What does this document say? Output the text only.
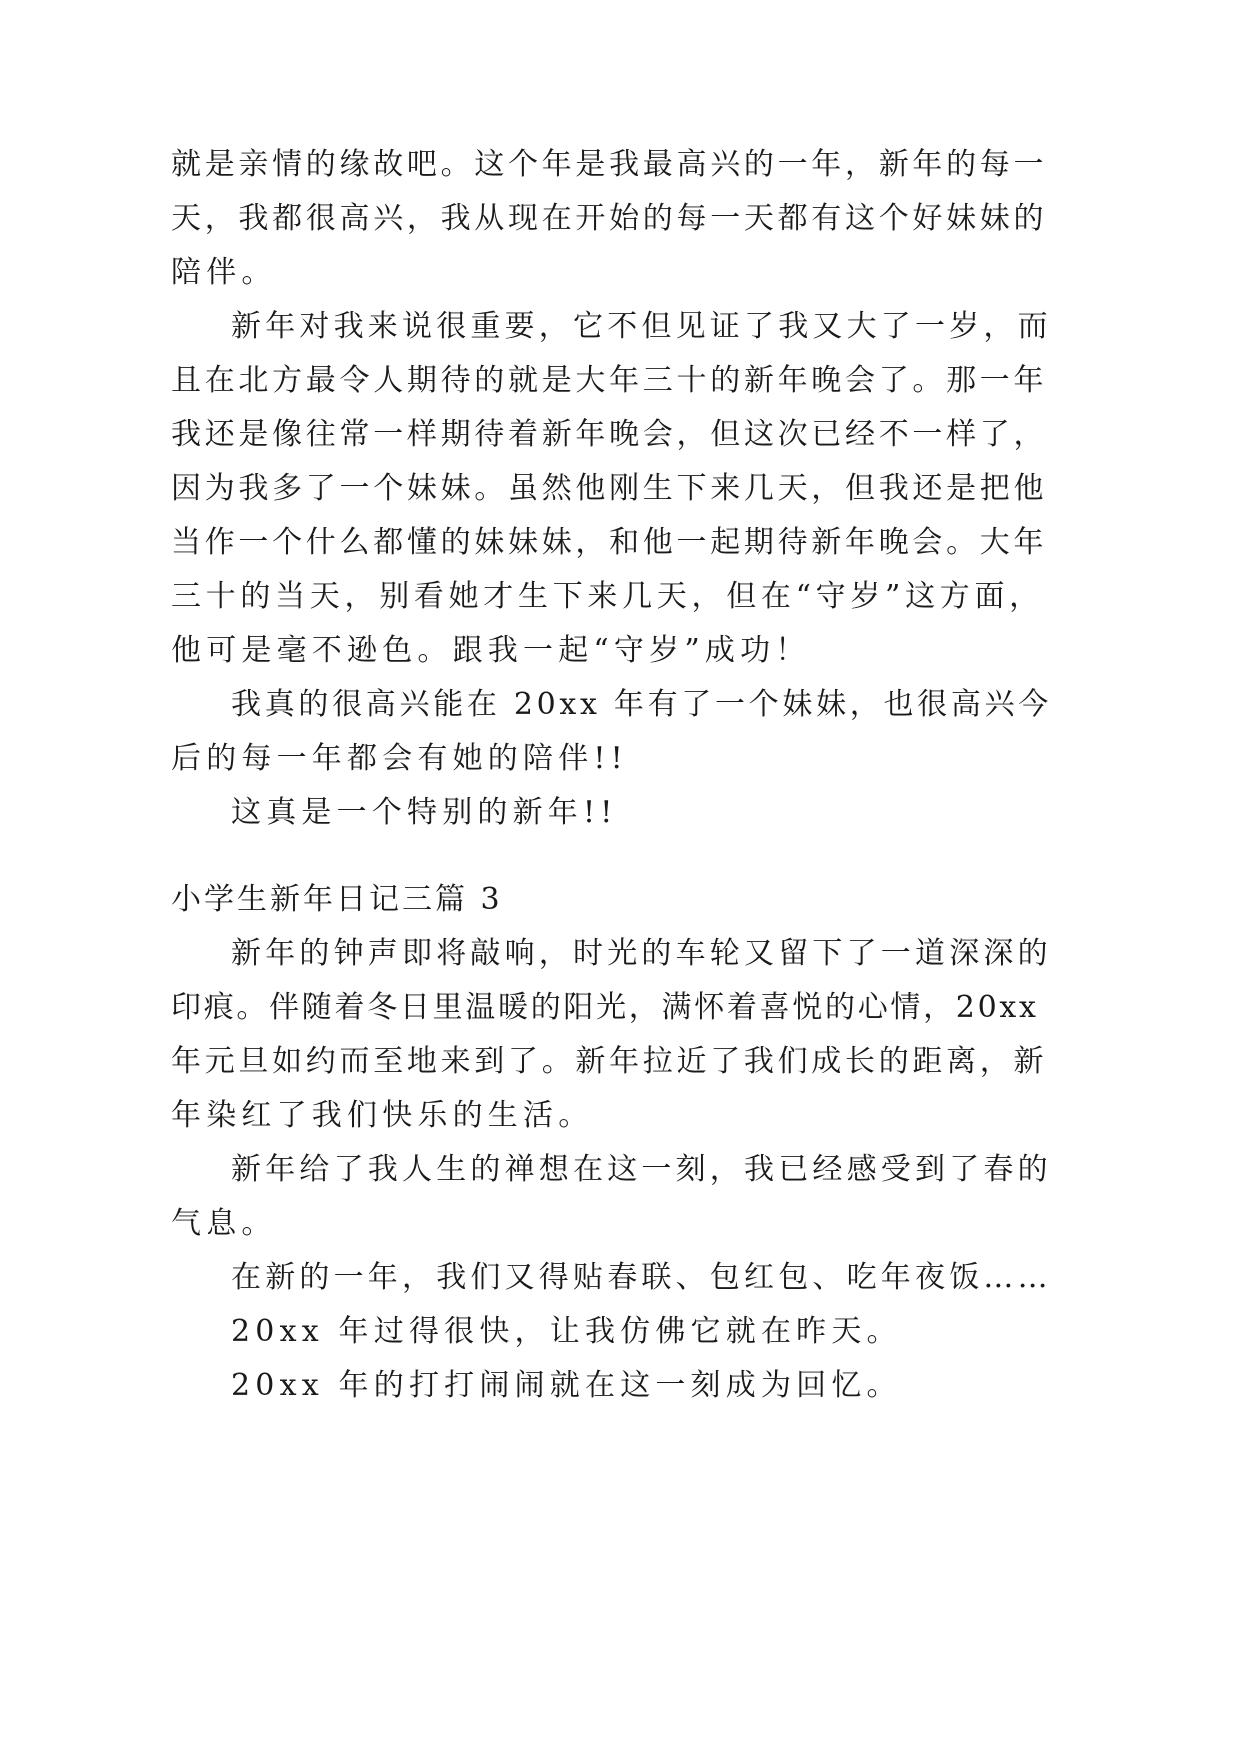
就是亲情的缘故吧。这个年是我最高兴的一年，新年的每一

天，我都很高兴，我从现在开始的每一天都有这个好妹妹的

陪伴。

新年对我来说很重要，它不但见证了我又大了一岁，而

且在北方最令人期待的就是大年三十的新年晚会了。那一年

我还是像往常一样期待着新年晚会，但这次已经不一样了，

因为我多了一个妹妹。虽然他刚生下来几天，但我还是把他

当作一个什么都懂的妹妹妹，和他一起期待新年晚会。大年

三十的当天，别看她才生下来几天，但在“守岁”这方面，

他可是毫不逊色。跟我一起“守岁”成功！

我真的很高兴能在 20xx 年有了一个妹妹，也很高兴今

后的每一年都会有她的陪伴!!

这真是一个特别的新年!!

小学生新年日记三篇 3

新年的钟声即将敲响，时光的车轮又留下了一道深深的

印痕。伴随着冬日里温暖的阳光，满怀着喜悦的心情，20xx

年元旦如约而至地来到了。新年拉近了我们成长的距离，新

年染红了我们快乐的生活。

新年给了我人生的禅想在这一刻，我已经感受到了春的

气息。

在新的一年，我们又得贴春联、包红包、吃年夜饭……

20xx 年过得很快，让我仿佛它就在昨天。

20xx 年的打打闹闹就在这一刻成为回忆。
